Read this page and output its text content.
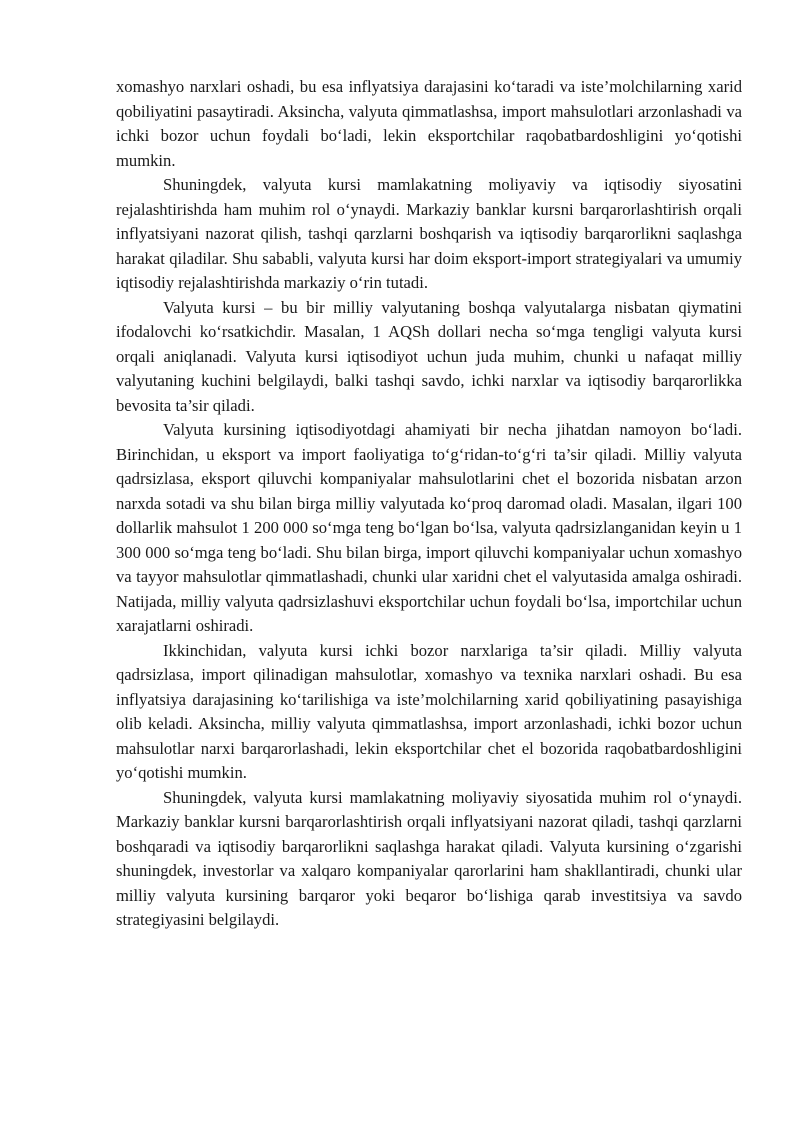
xomashyo narxlari oshadi, bu esa inflyatsiya darajasini ko‘taradi va iste’molchilarning xarid qobiliyatini pasaytiradi. Aksincha, valyuta qimmatlashsa, import mahsulotlari arzonlashadi va ichki bozor uchun foydali bo‘ladi, lekin eksportchilar raqobatbardoshligini yo‘qotishi mumkin.

Shuningdek, valyuta kursi mamlakatning moliyaviy va iqtisodiy siyosatini rejalashtirishda ham muhim rol o‘ynaydi. Markaziy banklar kursni barqarorlashtirish orqali inflyatsiyani nazorat qilish, tashqi qarzlarni boshqarish va iqtisodiy barqarorlikni saqlashga harakat qiladilar. Shu sababli, valyuta kursi har doim eksport-import strategiyalari va umumiy iqtisodiy rejalashtirishda markaziy o‘rin tutadi.

Valyuta kursi – bu bir milliy valyutaning boshqa valyutalarga nisbatan qiymatini ifodalovchi ko‘rsatkichdir. Masalan, 1 AQSh dollari necha so‘mga tengligi valyuta kursi orqali aniqlanadi. Valyuta kursi iqtisodiyot uchun juda muhim, chunki u nafaqat milliy valyutaning kuchini belgilaydi, balki tashqi savdo, ichki narxlar va iqtisodiy barqarorlikka bevosita ta’sir qiladi.

Valyuta kursining iqtisodiyotdagi ahamiyati bir necha jihatdan namoyon bo‘ladi. Birinchidan, u eksport va import faoliyatiga to‘g‘ridan-to‘g‘ri ta’sir qiladi. Milliy valyuta qadrsizlasa, eksport qiluvchi kompaniyalar mahsulotlarini chet el bozorida nisbatan arzon narxda sotadi va shu bilan birga milliy valyutada ko‘proq daromad oladi. Masalan, ilgari 100 dollarlik mahsulot 1 200 000 so‘mga teng bo‘lgan bo‘lsa, valyuta qadrsizlanganidan keyin u 1 300 000 so‘mga teng bo‘ladi. Shu bilan birga, import qiluvchi kompaniyalar uchun xomashyo va tayyor mahsulotlar qimmatlashadi, chunki ular xaridni chet el valyutasida amalga oshiradi. Natijada, milliy valyuta qadrsizlashuvi eksportchilar uchun foydali bo‘lsa, importchilar uchun xarajatlarni oshiradi.

Ikkinchidan, valyuta kursi ichki bozor narxlariga ta’sir qiladi. Milliy valyuta qadrsizlasa, import qilinadigan mahsulotlar, xomashyo va texnika narxlari oshadi. Bu esa inflyatsiya darajasining ko‘tarilishiga va iste’molchilarning xarid qobiliyatining pasayishiga olib keladi. Aksincha, milliy valyuta qimmatlashsa, import arzonlashadi, ichki bozor uchun mahsulotlar narxi barqarorlashadi, lekin eksportchilar chet el bozorida raqobatbardoshligini yo‘qotishi mumkin.

Shuningdek, valyuta kursi mamlakatning moliyaviy siyosatida muhim rol o‘ynaydi. Markaziy banklar kursni barqarorlashtirish orqali inflyatsiyani nazorat qiladi, tashqi qarzlarni boshqaradi va iqtisodiy barqarorlikni saqlashga harakat qiladi. Valyuta kursining o‘zgarishi shuningdek, investorlar va xalqaro kompaniyalar qarorlarini ham shakllantiradi, chunki ular milliy valyuta kursining barqaror yoki beqaror bo‘lishiga qarab investitsiya va savdo strategiyasini belgilaydi.
